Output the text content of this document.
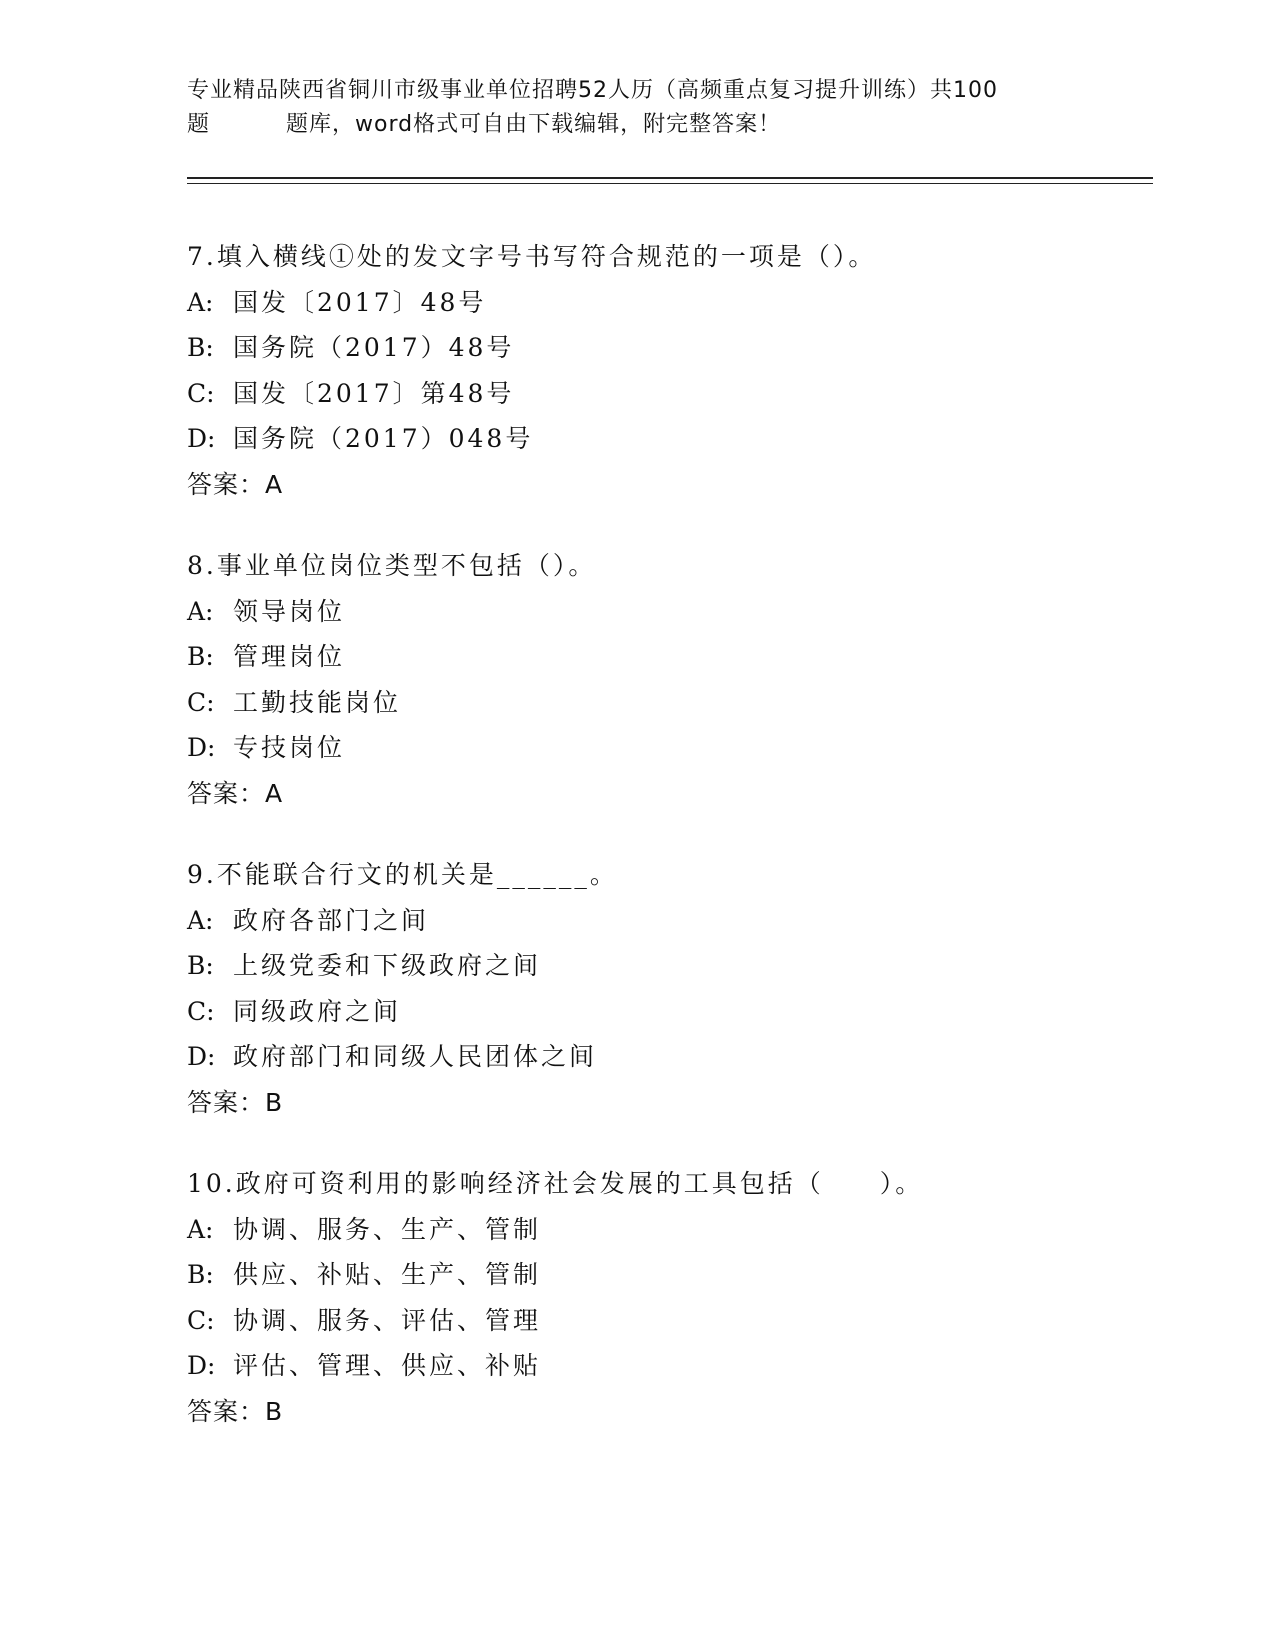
专业精品陕西省铜川市级事业单位招聘52人历（高频重点复习提升训练）共100
题	题库，word格式可自由下载编辑，附完整答案！
7.填入横线①处的发文字号书写符合规范的一项是（）。
A: 国发〔2017〕48号
B: 国务院（2017）48号
C: 国发〔2017〕第48号
D: 国务院（2017）048号
答案：A
8.事业单位岗位类型不包括（）。
A: 领导岗位
B: 管理岗位
C: 工勤技能岗位
D: 专技岗位
答案：A
9.不能联合行文的机关是______。
A: 政府各部门之间
B: 上级党委和下级政府之间
C: 同级政府之间
D: 政府部门和同级人民团体之间
答案：B
10.政府可资利用的影响经济社会发展的工具包括（　　）。
A: 协调、服务、生产、管制
B: 供应、补贴、生产、管制
C: 协调、服务、评估、管理
D: 评估、管理、供应、补贴
答案：B
